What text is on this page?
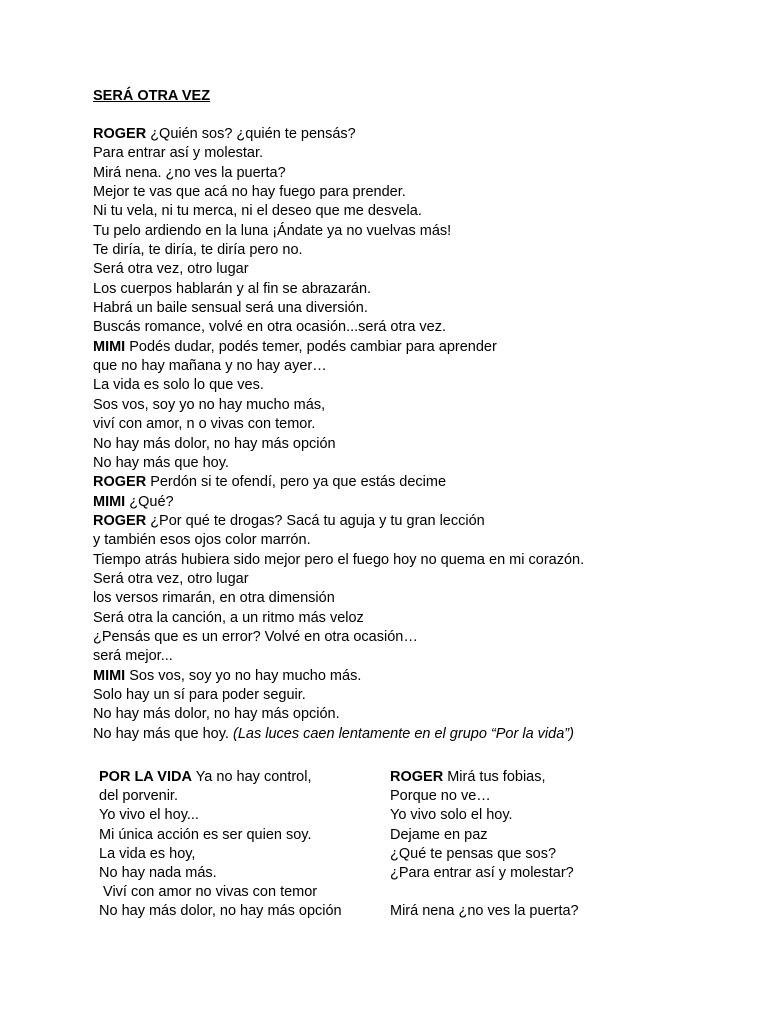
SERÁ OTRA VEZ
ROGER ¿Quién sos? ¿quién te pensás?
Para entrar así y molestar.
Mirá nena. ¿no ves la puerta?
Mejor te vas que acá no hay fuego para prender.
Ni tu vela, ni tu merca, ni el deseo que me desvela.
Tu pelo ardiendo en la luna ¡Ándate ya no vuelvas más!
Te diría, te diría, te diría pero no.
Será otra vez, otro lugar
Los cuerpos hablarán y al fin se abrazarán.
Habrá un baile sensual será una diversión.
Buscás romance, volvé en otra ocasión...será otra vez.
MIMI Podés dudar, podés temer, podés cambiar para aprender
que no hay mañana y no hay ayer…
La vida es solo lo que ves.
Sos vos, soy yo no hay mucho más,
viví con amor, n o vivas con temor.
No hay más dolor, no hay más opción
No hay más que hoy.
ROGER Perdón si te ofendí, pero ya que estás decime
MIMI ¿Qué?
ROGER ¿Por qué te drogas? Sacá tu aguja y tu gran lección
y también esos ojos color marrón.
Tiempo atrás hubiera sido mejor pero el fuego hoy no quema en mi corazón.
Será otra vez, otro lugar
los versos rimarán, en otra dimensión
Será otra la canción, a un ritmo más veloz
¿Pensás que es un error? Volvé en otra ocasión…
será mejor...
MIMI Sos vos, soy yo no hay mucho más.
Solo hay un sí para poder seguir.
No hay más dolor, no hay más opción.
No hay más que hoy. (Las luces caen lentamente en el grupo “Por la vida”)
POR LA VIDA Ya no hay control,
del porvenir.
Yo vivo el hoy...
Mi única acción es ser quien soy.
La vida es hoy,
No hay nada más.
Viví con amor no vivas con temor
No hay más dolor, no hay más opción
ROGER Mirá tus fobias,
Porque no ve…
Yo vivo solo el hoy.
Dejame en paz
¿Qué te pensas que sos?
¿Para entrar así y molestar?
Mirá nena ¿no ves la puerta?
